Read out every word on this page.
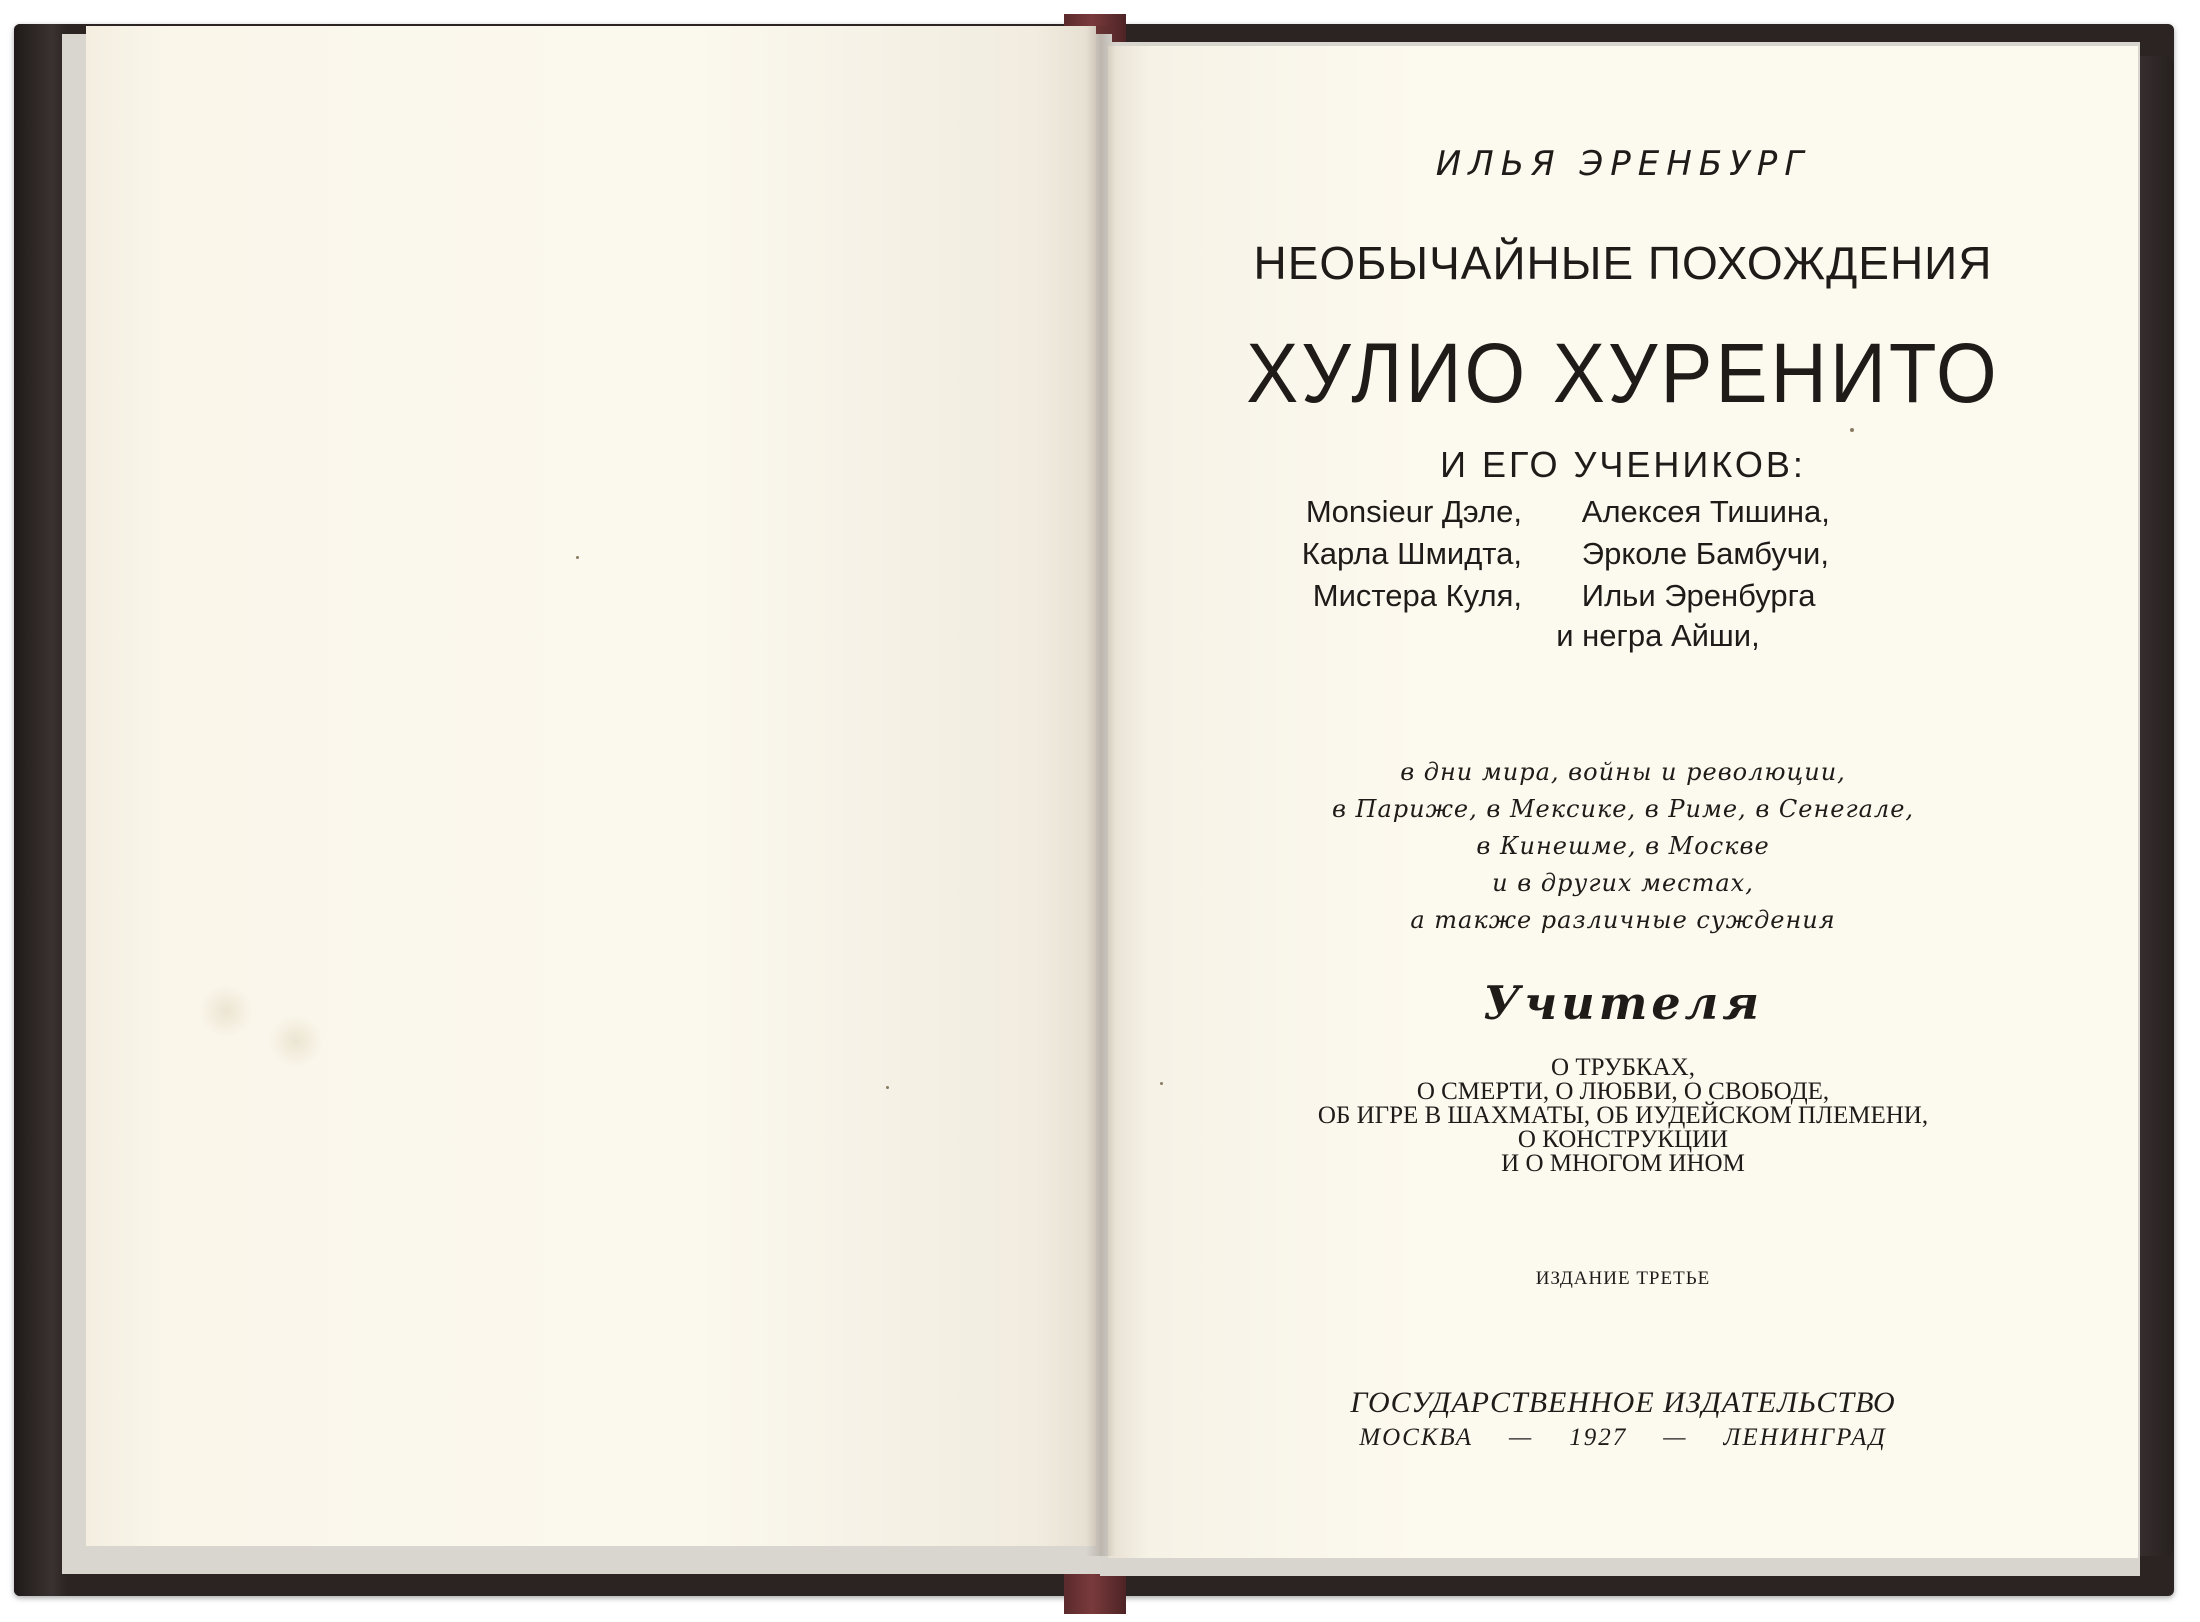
ИЛЬЯ ЭРЕНБУРГ
НЕОБЫЧАЙНЫЕ ПОХОЖДЕНИЯ
ХУЛИО ХУРЕНИТО
И ЕГО УЧЕНИКОВ:
Monsieur Дэле, Алексея Тишина,
Карла Шмидта, Эрколе Бамбучи,
Мистера Куля, Ильи Эренбурга
и негра Айши,
в дни мира, войны и революции,
в Париже, в Мексике, в Риме, в Сенегале,
в Кинешме, в Москве
и в других местах,
а также различные суждения
Учителя
О ТРУБКАХ,
О СМЕРТИ, О ЛЮБВИ, О СВОБОДЕ,
ОБ ИГРЕ В ШАХМАТЫ, ОБ ИУДЕЙСКОМ ПЛЕМЕНИ,
О КОНСТРУКЦИИ
И О МНОГОМ ИНОМ
ИЗДАНИЕ ТРЕТЬЕ
ГОСУДАРСТВЕННОЕ ИЗДАТЕЛЬСТВО
МОСКВА — 1927 — ЛЕНИНГРАД
